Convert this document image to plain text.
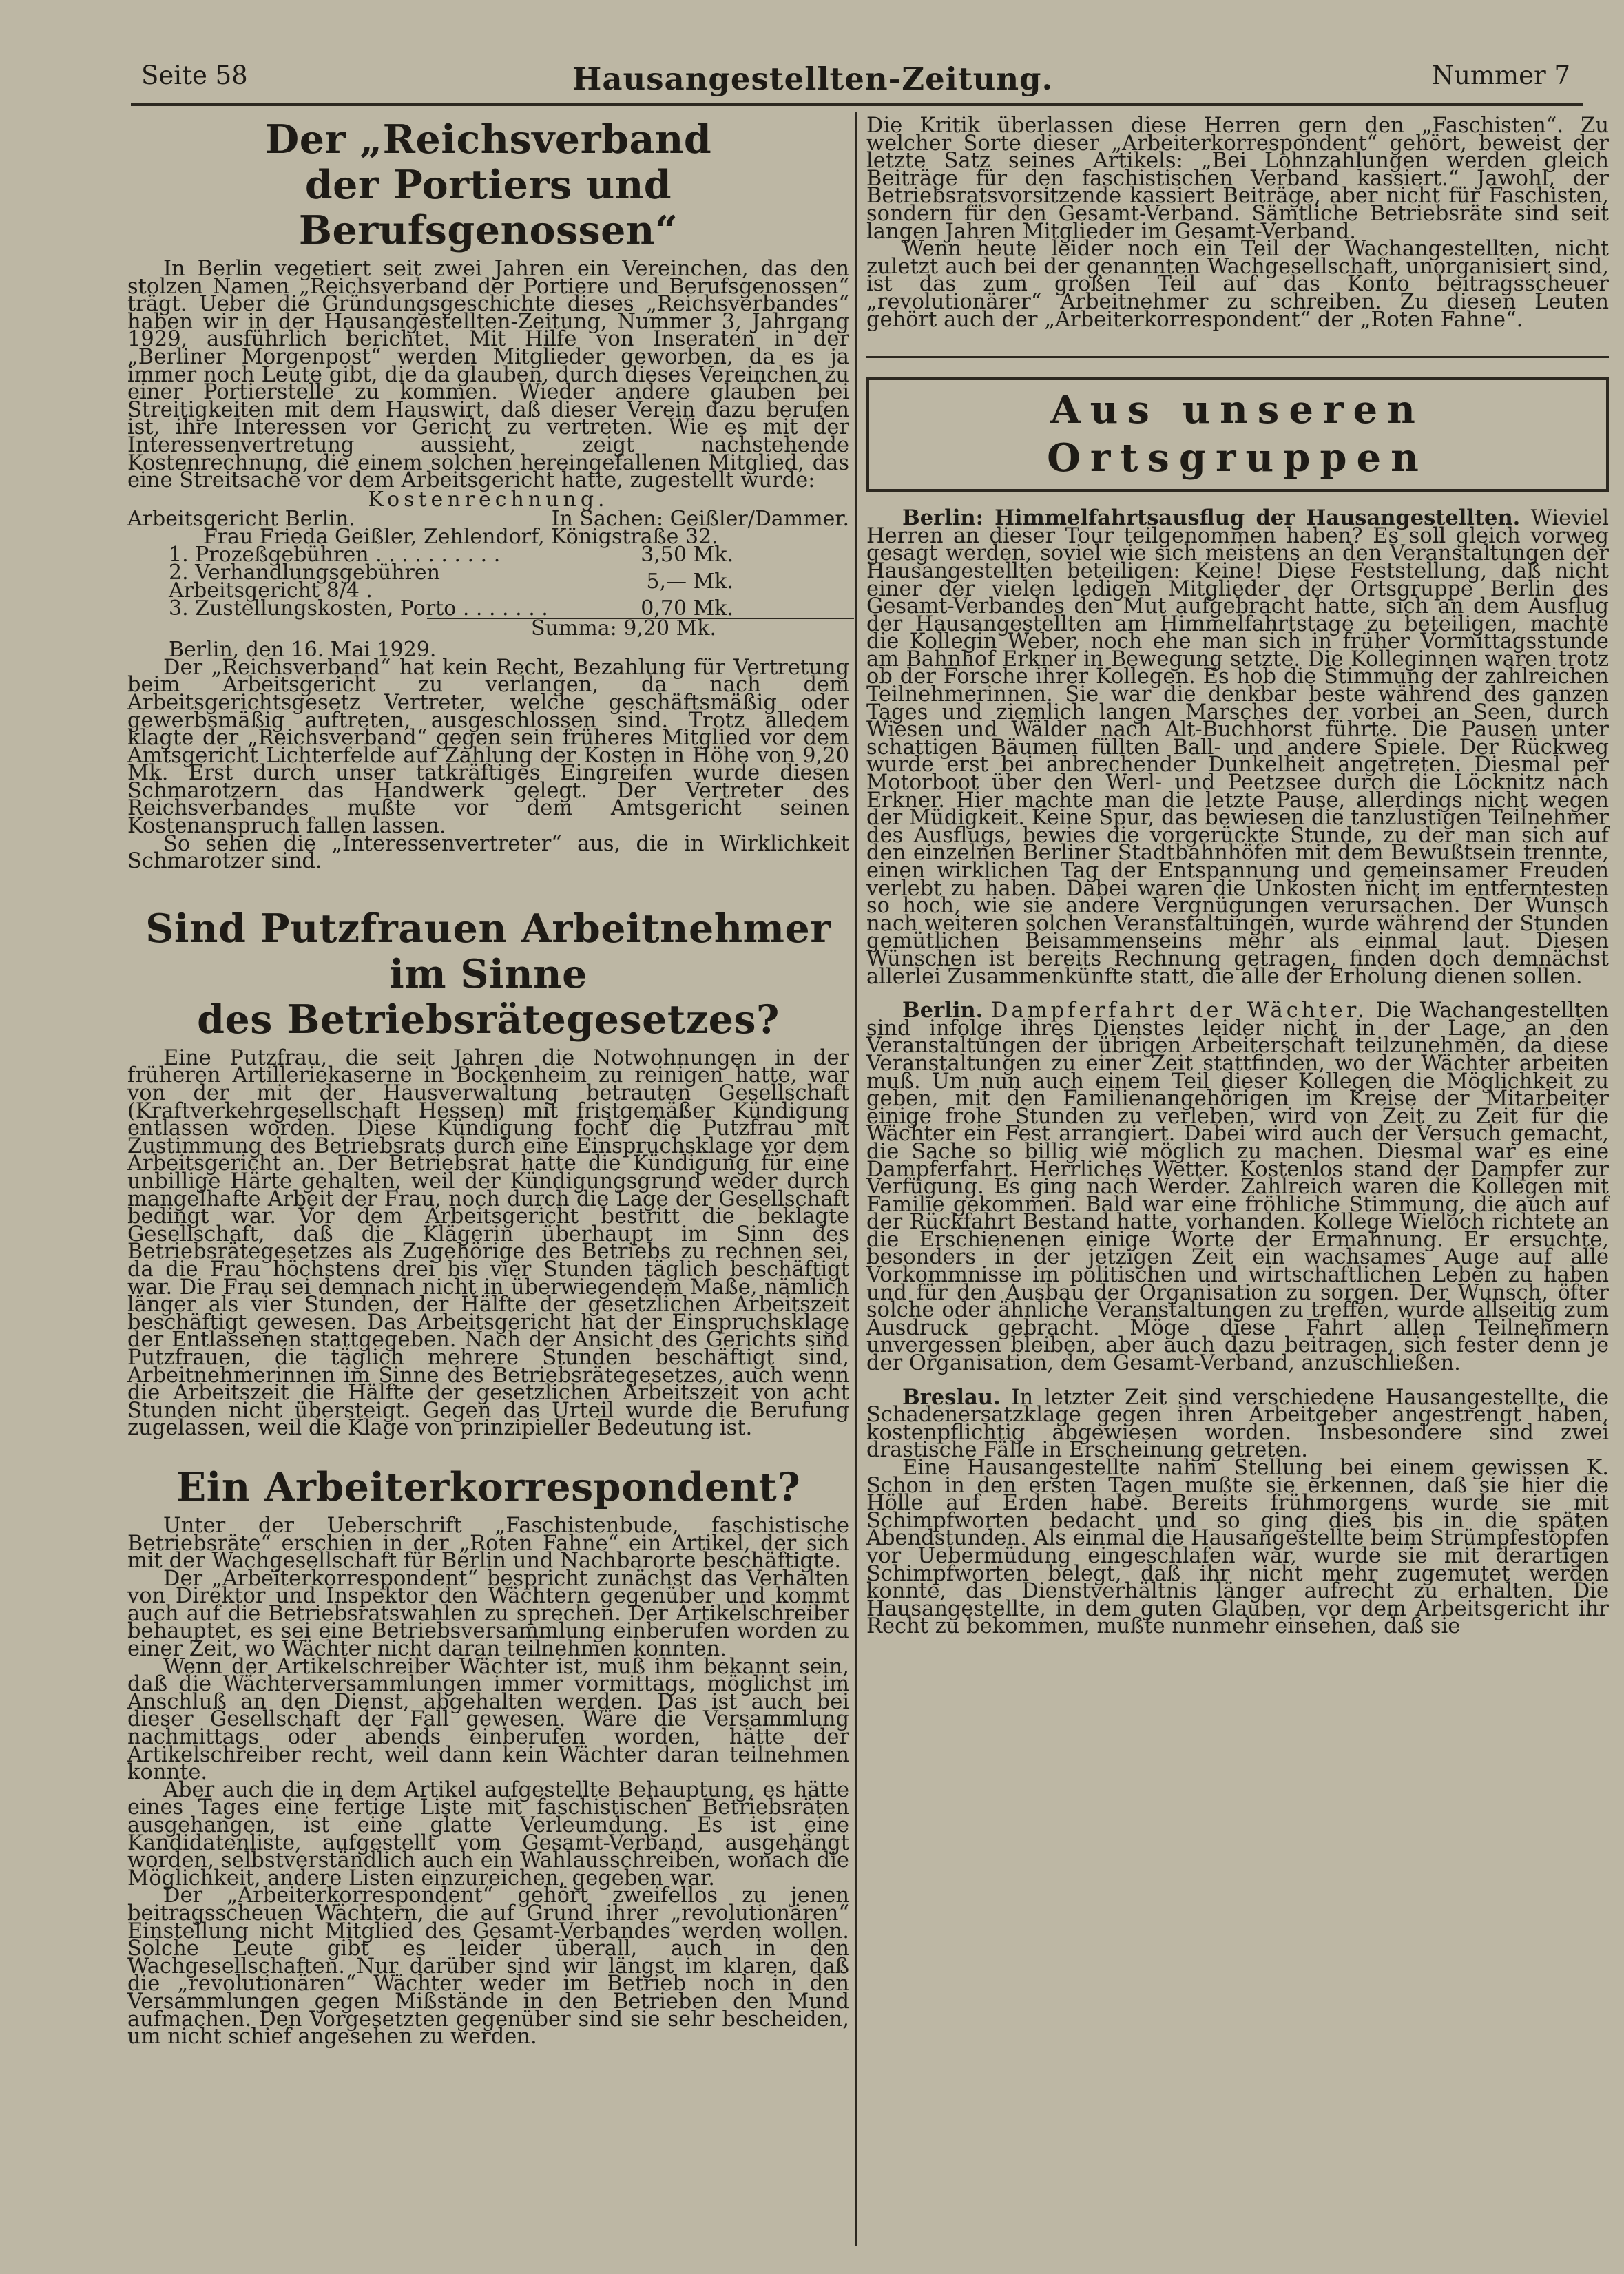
Seite 58	Hausangestellten-Zeitung.	Nummer 7
Der „Reichsverband
der Portiers und Berufsgenossen“

In Berlin vegetiert seit zwei Jahren ein Vereinchen, das den stolzen Namen „Reichsverband der Portiere und Berufsgenossen“ trägt. Ueber die Gründungsgeschichte dieses „Reichsverbandes“ haben wir in der Hausangestellten-Zeitung, Nummer 3, Jahrgang 1929, ausführlich berichtet. Mit Hilfe von Inseraten in der „Berliner Morgenpost“ werden Mitglieder geworben, da es ja immer noch Leute gibt, die da glauben, durch dieses Vereinchen zu einer Portierstelle zu kommen. Wieder andere glauben bei Streitigkeiten mit dem Hauswirt, daß dieser Verein dazu berufen ist, ihre Interessen vor Gericht zu vertreten. Wie es mit der Interessenvertretung aussieht, zeigt nachstehende Kostenrechnung, die einem solchen hereingefallenen Mitglied, das eine Streitsache vor dem Arbeitsgericht hatte, zugestellt wurde:

Kostenrechnung.
Arbeitsgericht Berlin.	In Sachen: Geißler/Dammer.
Frau Frieda Geißler, Zehlendorf, Königstraße 32.
1. Prozeßgebühren . . . . . . . . . .	3,50 Mk.
2. Verhandlungsgebühren Arbeitsgericht 8/4 .	5,— Mk.
3. Zustellungskosten, Porto . . . . . . .	0,70 Mk.
Summa: 9,20 Mk.
Berlin, den 16. Mai 1929.

Der „Reichsverband“ hat kein Recht, Bezahlung für Vertretung beim Arbeitsgericht zu verlangen, da nach dem Arbeitsgerichtsgesetz Vertreter, welche geschäftsmäßig oder gewerbsmäßig auftreten, ausgeschlossen sind. Trotz alledem klagte der „Reichsverband“ gegen sein früheres Mitglied vor dem Amtsgericht Lichterfelde auf Zahlung der Kosten in Höhe von 9,20 Mk. Erst durch unser tatkräftiges Eingreifen wurde diesen Schmarotzern das Handwerk gelegt. Der Vertreter des Reichsverbandes mußte vor dem Amtsgericht seinen Kostenanspruch fallen lassen.

So sehen die „Interessenvertreter“ aus, die in Wirklichkeit Schmarotzer sind.

Sind Putzfrauen Arbeitnehmer im Sinne
des Betriebsrätegesetzes?

Eine Putzfrau, die seit Jahren die Notwohnungen in der früheren Artilleriekaserne in Bockenheim zu reinigen hatte, war von der mit der Hausverwaltung betrauten Gesellschaft (Kraftverkehrgesellschaft Hessen) mit fristgemäßer Kündigung entlassen worden. Diese Kündigung focht die Putzfrau mit Zustimmung des Betriebsrats durch eine Einspruchsklage vor dem Arbeitsgericht an. Der Betriebsrat hatte die Kündigung für eine unbillige Härte gehalten, weil der Kündigungsgrund weder durch mangelhafte Arbeit der Frau, noch durch die Lage der Gesellschaft bedingt war. Vor dem Arbeitsgericht bestritt die beklagte Gesellschaft, daß die Klägerin überhaupt im Sinn des Betriebsrätegesetzes als Zugehörige des Betriebs zu rechnen sei, da die Frau höchstens drei bis vier Stunden täglich beschäftigt war. Die Frau sei demnach nicht in überwiegendem Maße, nämlich länger als vier Stunden, der Hälfte der gesetzlichen Arbeitszeit beschäftigt gewesen. Das Arbeitsgericht hat der Einspruchsklage der Entlassenen stattgegeben. Nach der Ansicht des Gerichts sind Putzfrauen, die täglich mehrere Stunden beschäftigt sind, Arbeitnehmerinnen im Sinne des Betriebsrätegesetzes, auch wenn die Arbeitszeit die Hälfte der gesetzlichen Arbeitszeit von acht Stunden nicht übersteigt. Gegen das Urteil wurde die Berufung zugelassen, weil die Klage von prinzipieller Bedeutung ist.

Ein Arbeiterkorrespondent?

Unter der Ueberschrift „Faschistenbude, faschistische Betriebsräte“ erschien in der „Roten Fahne“ ein Artikel, der sich mit der Wachgesellschaft für Berlin und Nachbarorte beschäftigte.

Der „Arbeiterkorrespondent“ bespricht zunächst das Verhalten von Direktor und Inspektor den Wächtern gegenüber und kommt auch auf die Betriebsratswahlen zu sprechen. Der Artikelschreiber behauptet, es sei eine Betriebsversammlung einberufen worden zu einer Zeit, wo Wächter nicht daran teilnehmen konnten.

Wenn der Artikelschreiber Wächter ist, muß ihm bekannt sein, daß die Wächterversammlungen immer vormittags, möglichst im Anschluß an den Dienst, abgehalten werden. Das ist auch bei dieser Gesellschaft der Fall gewesen. Wäre die Versammlung nachmittags oder abends einberufen worden, hätte der Artikelschreiber recht, weil dann kein Wächter daran teilnehmen konnte.

Aber auch die in dem Artikel aufgestellte Behauptung, es hätte eines Tages eine fertige Liste mit faschistischen Betriebsräten ausgehangen, ist eine glatte Verleumdung. Es ist eine Kandidatenliste, aufgestellt vom Gesamt-Verband, ausgehängt worden, selbstverständlich auch ein Wahlausschreiben, wonach die Möglichkeit, andere Listen einzureichen, gegeben war.

Der „Arbeiterkorrespondent“ gehört zweifellos zu jenen beitragsscheuen Wächtern, die auf Grund ihrer „revolutionären“ Einstellung nicht Mitglied des Gesamt-Verbandes werden wollen. Solche Leute gibt es leider überall, auch in den Wachgesellschaften. Nur darüber sind wir längst im klaren, daß die „revolutionären“ Wächter weder im Betrieb noch in den Versammlungen gegen Mißstände in den Betrieben den Mund aufmachen. Den Vorgesetzten gegenüber sind sie sehr bescheiden, um nicht schief angesehen zu werden.

Die Kritik überlassen diese Herren gern den „Faschisten“. Zu welcher Sorte dieser „Arbeiterkorrespondent“ gehört, beweist der letzte Satz seines Artikels: „Bei Lohnzahlungen werden gleich Beiträge für den faschistischen Verband kassiert.“ Jawohl, der Betriebsratsvorsitzende kassiert Beiträge, aber nicht für Faschisten, sondern für den Gesamt-Verband. Sämtliche Betriebsräte sind seit langen Jahren Mitglieder im Gesamt-Verband.

Wenn heute leider noch ein Teil der Wachangestellten, nicht zuletzt auch bei der genannten Wachgesellschaft, unorganisiert sind, ist das zum großen Teil auf das Konto beitragsscheuer „revolutionärer“ Arbeitnehmer zu schreiben. Zu diesen Leuten gehört auch der „Arbeiterkorrespondent“ der „Roten Fahne“.

Aus unseren Ortsgruppen

Berlin: Himmelfahrtsausflug der Hausangestellten. Wieviel Herren an dieser Tour teilgenommen haben? Es soll gleich vorweg gesagt werden, soviel wie sich meistens an den Veranstaltungen der Hausangestellten beteiligen: Keine! Diese Feststellung, daß nicht einer der vielen ledigen Mitglieder der Ortsgruppe Berlin des Gesamt-Verbandes den Mut aufgebracht hatte, sich an dem Ausflug der Hausangestellten am Himmelfahrtstage zu beteiligen, machte die Kollegin Weber, noch ehe man sich in früher Vormittagsstunde am Bahnhof Erkner in Bewegung setzte. Die Kolleginnen waren trotz ob der Forsche ihrer Kollegen. Es hob die Stimmung der zahlreichen Teilnehmerinnen. Sie war die denkbar beste während des ganzen Tages und ziemlich langen Marsches der vorbei an Seen, durch Wiesen und Wälder nach Alt-Buchhorst führte. Die Pausen unter schattigen Bäumen füllten Ball- und andere Spiele. Der Rückweg wurde erst bei anbrechender Dunkelheit angetreten. Diesmal per Motorboot über den Werl- und Peetzsee durch die Löcknitz nach Erkner. Hier machte man die letzte Pause, allerdings nicht wegen der Müdigkeit. Keine Spur, das bewiesen die tanzlustigen Teilnehmer des Ausflugs, bewies die vorgerückte Stunde, zu der man sich auf den einzelnen Berliner Stadtbahnhöfen mit dem Bewußtsein trennte, einen wirklichen Tag der Entspannung und gemeinsamer Freuden verlebt zu haben. Dabei waren die Unkosten nicht im entferntesten so hoch, wie sie andere Vergnügungen verursachen. Der Wunsch nach weiteren solchen Veranstaltungen, wurde während der Stunden gemütlichen Beisammenseins mehr als einmal laut. Diesen Wünschen ist bereits Rechnung getragen, finden doch demnächst allerlei Zusammenkünfte statt, die alle der Erholung dienen sollen.

Berlin. Dampferfahrt der Wächter. Die Wachangestellten sind infolge ihres Dienstes leider nicht in der Lage, an den Veranstaltungen der übrigen Arbeiterschaft teilzunehmen, da diese Veranstaltungen zu einer Zeit stattfinden, wo der Wächter arbeiten muß. Um nun auch einem Teil dieser Kollegen die Möglichkeit zu geben, mit den Familienangehörigen im Kreise der Mitarbeiter einige frohe Stunden zu verleben, wird von Zeit zu Zeit für die Wächter ein Fest arrangiert. Dabei wird auch der Versuch gemacht, die Sache so billig wie möglich zu machen. Diesmal war es eine Dampferfahrt. Herrliches Wetter. Kostenlos stand der Dampfer zur Verfügung. Es ging nach Werder. Zahlreich waren die Kollegen mit Familie gekommen. Bald war eine fröhliche Stimmung, die auch auf der Rückfahrt Bestand hatte, vorhanden. Kollege Wieloch richtete an die Erschienenen einige Worte der Ermahnung. Er ersuchte, besonders in der jetzigen Zeit ein wachsames Auge auf alle Vorkommnisse im politischen und wirtschaftlichen Leben zu haben und für den Ausbau der Organisation zu sorgen. Der Wunsch, öfter solche oder ähnliche Veranstaltungen zu treffen, wurde allseitig zum Ausdruck gebracht. Möge diese Fahrt allen Teilnehmern unvergessen bleiben, aber auch dazu beitragen, sich fester denn je der Organisation, dem Gesamt-Verband, anzuschließen.

Breslau. In letzter Zeit sind verschiedene Hausangestellte, die Schadenersatzklage gegen ihren Arbeitgeber angestrengt haben, kostenpflichtig abgewiesen worden. Insbesondere sind zwei drastische Fälle in Erscheinung getreten.

Eine Hausangestellte nahm Stellung bei einem gewissen K. Schon in den ersten Tagen mußte sie erkennen, daß sie hier die Hölle auf Erden habe. Bereits frühmorgens wurde sie mit Schimpfworten bedacht und so ging dies bis in die späten Abendstunden. Als einmal die Hausangestellte beim Strümpfestopfen vor Uebermüdung eingeschlafen war, wurde sie mit derartigen Schimpfworten belegt, daß ihr nicht mehr zugemutet werden konnte, das Dienstverhältnis länger aufrecht zu erhalten. Die Hausangestellte, in dem guten Glauben, vor dem Arbeitsgericht ihr Recht zu bekommen, mußte nunmehr einsehen, daß sie
